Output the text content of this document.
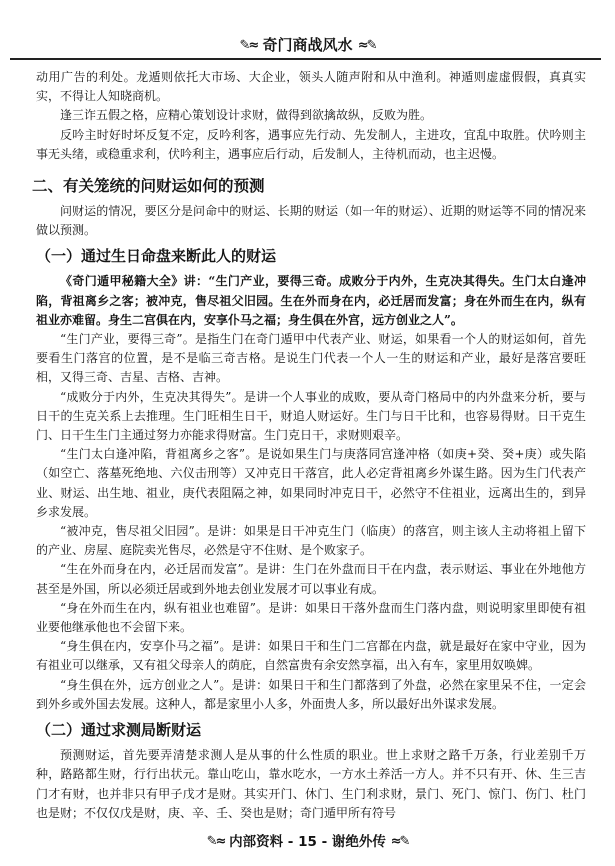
✎≈ 奇门商战风水 ≈✎

动用广告的利处。龙遁则依托大市场、大企业，领头人随声附和从中渔利。神遁则虚虚假假，真真实实，不得让人知晓商机。

逢三诈五假之格，应精心策划设计求财，做得到欲擒故纵，反败为胜。

反吟主时好时坏反复不定，反吟利客，遇事应先行动、先发制人，主进攻，宜乱中取胜。伏吟则主事无头绪，或稳重求利，伏吟利主，遇事应后行动，后发制人，主待机而动，也主迟慢。

二、有关笼统的问财运如何的预测

问财运的情况，要区分是问命中的财运、长期的财运（如一年的财运）、近期的财运等不同的情况来做以预测。

（一）通过生日命盘来断此人的财运

《奇门遁甲秘籍大全》讲：“生门产业，要得三奇。成败分于内外，生克决其得失。生门太白逢冲陷，背祖离乡之客；被冲克，售尽祖父旧园。生在外而身在内，必迁居而发富；身在外而生在内，纵有祖业亦难留。身生二宫俱在内，安享仆马之福；身生俱在外宫，远方创业之人”。

“生门产业，要得三奇”。是指生门在奇门遁甲中代表产业、财运，如果看一个人的财运如何，首先要看生门落宫的位置，是不是临三奇吉格。是说生门代表一个人一生的财运和产业，最好是落宫要旺相，又得三奇、吉星、吉格、吉神。

“成败分于内外，生克决其得失”。是讲一个人事业的成败，要从奇门格局中的内外盘来分析，要与日干的生克关系上去推理。生门旺相生日干，财追人财运好。生门与日干比和，也容易得财。日干克生门、日干生生门主通过努力亦能求得财富。生门克日干，求财则艰辛。

“生门太白逢冲陷，背祖离乡之客”。是说如果生门与庚落同宫逢冲格（如庚+癸、癸+庚）或失陷（如空亡、落墓死绝地、六仪击刑等）又冲克日干落宫，此人必定背祖离乡外谋生路。因为生门代表产业、财运、出生地、祖业，庚代表阻隔之神，如果同时冲克日干，必然守不住祖业，远离出生的，到异乡求发展。

“被冲克，售尽祖父旧园”。是讲：如果是日干冲克生门（临庚）的落宫，则主该人主动将祖上留下的产业、房屋、庭院卖光售尽，必然是守不住财、是个败家子。

“生在外而身在内，必迁居而发富”。是讲：生门在外盘而日干在内盘，表示财运、事业在外地他方甚至是外国，所以必须迁居或到外地去创业发展才可以事业有成。

“身在外而生在内，纵有祖业也难留”。是讲：如果日干落外盘而生门落内盘，则说明家里即使有祖业要他继承他也不会留下来。

“身生俱在内，安享仆马之福”。是讲：如果日干和生门二宫都在内盘，就是最好在家中守业，因为有祖业可以继承，又有祖父母亲人的荫庇，自然富贵有余安然享福，出入有车，家里用奴唤婢。

“身生俱在外，远方创业之人”。是讲：如果日干和生门都落到了外盘，必然在家里呆不住，一定会到外乡或外国去发展。这种人，都是家里小人多，外面贵人多，所以最好出外谋求发展。

（二）通过求测局断财运

预测财运，首先要弄清楚求测人是从事的什么性质的职业。世上求财之路千万条，行业差别千万种，路路都生财，行行出状元。靠山吃山，靠水吃水，一方水土养活一方人。并不只有开、休、生三吉门才有财，也并非只有甲子戊才是财。其实开门、休门、生门利求财，景门、死门、惊门、伤门、杜门也是财；不仅仅戊是财，庚、辛、壬、癸也是财；奇门遁甲所有符号

✎≈ 内部资料 - 15 - 谢绝外传 ≈✎
